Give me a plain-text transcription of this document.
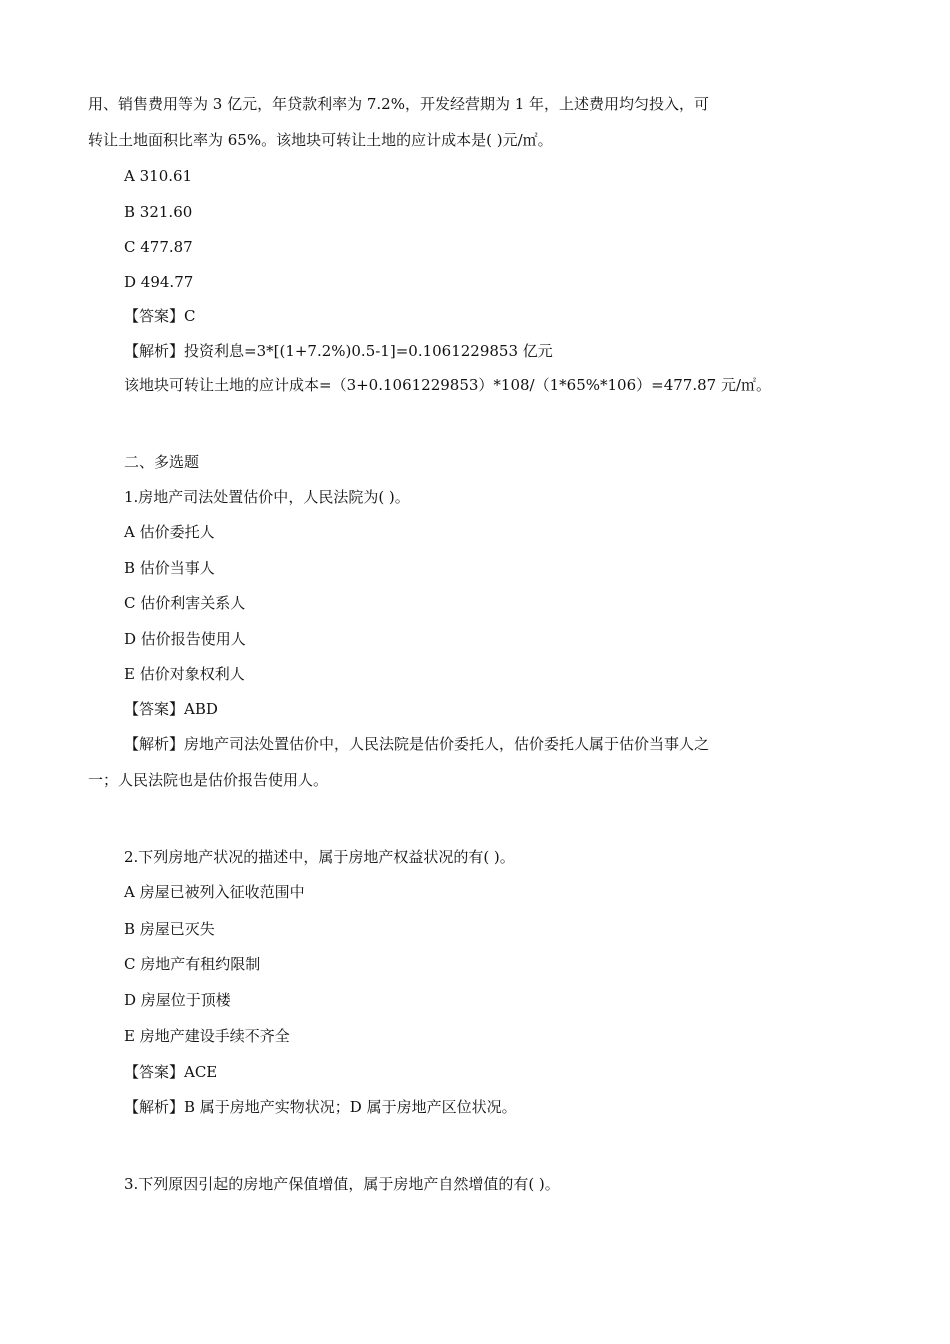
用、销售费用等为 3 亿元，年贷款利率为 7.2%，开发经营期为 1 年，上述费用均匀投入，可
转让土地面积比率为 65%。该地块可转让土地的应计成本是( )元/㎡。
A 310.61
B 321.60
C 477.87
D 494.77
【答案】C
【解析】投资利息=3*[(1+7.2%)0.5-1]=0.1061229853 亿元
该地块可转让土地的应计成本=（3+0.1061229853）*108/（1*65%*106）=477.87 元/㎡。
二、多选题
1.房地产司法处置估价中，人民法院为( )。
A 估价委托人
B 估价当事人
C 估价利害关系人
D 估价报告使用人
E 估价对象权利人
【答案】ABD
【解析】房地产司法处置估价中，人民法院是估价委托人，估价委托人属于估价当事人之
一；人民法院也是估价报告使用人。
2.下列房地产状况的描述中，属于房地产权益状况的有( )。
A 房屋已被列入征收范围中
B 房屋已灭失
C 房地产有租约限制
D 房屋位于顶楼
E 房地产建设手续不齐全
【答案】ACE
【解析】B 属于房地产实物状况；D 属于房地产区位状况。
3.下列原因引起的房地产保值增值，属于房地产自然增值的有( )。
